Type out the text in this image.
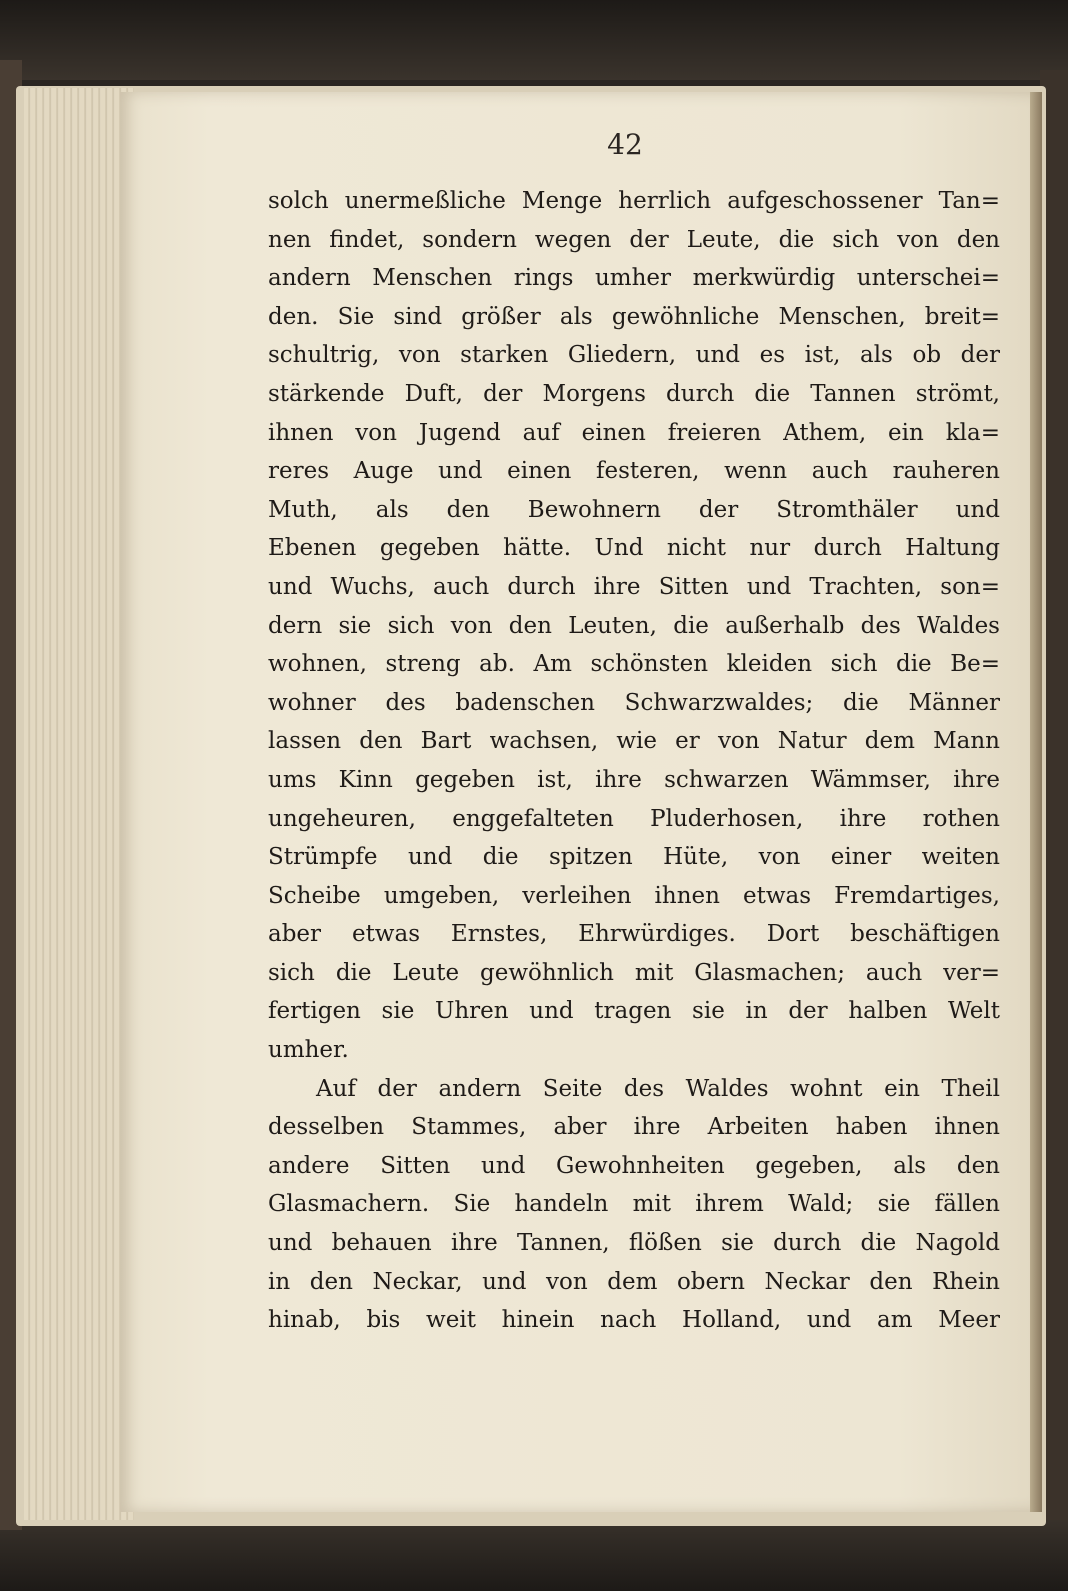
42
solch unermeßliche Menge herrlich aufgeschossener Tan=
nen findet, sondern wegen der Leute, die sich von den
andern Menschen rings umher merkwürdig unterschei=
den. Sie sind größer als gewöhnliche Menschen, breit=
schultrig, von starken Gliedern, und es ist, als ob der
stärkende Duft, der Morgens durch die Tannen strömt,
ihnen von Jugend auf einen freieren Athem, ein kla=
reres Auge und einen festeren, wenn auch rauheren
Muth, als den Bewohnern der Stromthäler und
Ebenen gegeben hätte. Und nicht nur durch Haltung
und Wuchs, auch durch ihre Sitten und Trachten, son=
dern sie sich von den Leuten, die außerhalb des Waldes
wohnen, streng ab. Am schönsten kleiden sich die Be=
wohner des badenschen Schwarzwaldes; die Männer
lassen den Bart wachsen, wie er von Natur dem Mann
ums Kinn gegeben ist, ihre schwarzen Wämmser, ihre
ungeheuren, enggefalteten Pluderhosen, ihre rothen
Strümpfe und die spitzen Hüte, von einer weiten
Scheibe umgeben, verleihen ihnen etwas Fremdartiges,
aber etwas Ernstes, Ehrwürdiges. Dort beschäftigen
sich die Leute gewöhnlich mit Glasmachen; auch ver=
fertigen sie Uhren und tragen sie in der halben Welt
umher.
Auf der andern Seite des Waldes wohnt ein Theil
desselben Stammes, aber ihre Arbeiten haben ihnen
andere Sitten und Gewohnheiten gegeben, als den
Glasmachern. Sie handeln mit ihrem Wald; sie fällen
und behauen ihre Tannen, flößen sie durch die Nagold
in den Neckar, und von dem obern Neckar den Rhein
hinab, bis weit hinein nach Holland, und am Meer
